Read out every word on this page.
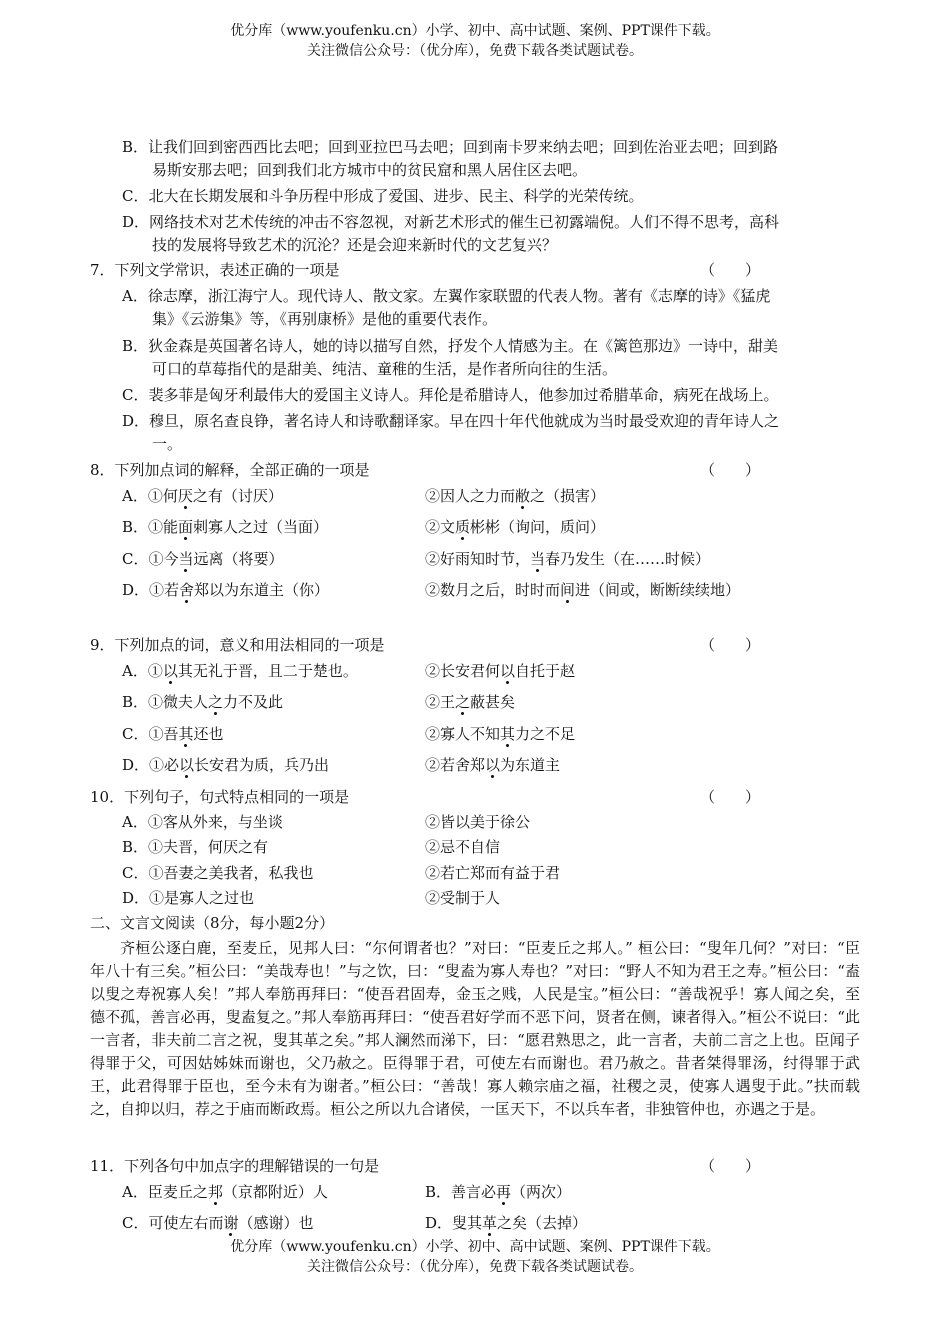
优分库（www.youfenku.cn）小学、初中、高中试题、案例、PPT课件下载。
关注微信公众号：（优分库），免费下载各类试题试卷。
B．让我们回到密西西比去吧；回到亚拉巴马去吧；回到南卡罗来纳去吧；回到佐治亚去吧；回到路
易斯安那去吧；回到我们北方城市中的贫民窟和黑人居住区去吧。
C．北大在长期发展和斗争历程中形成了爱国、进步、民主、科学的光荣传统。
D．网络技术对艺术传统的冲击不容忽视，对新艺术形式的催生已初露端倪。人们不得不思考，高科
技的发展将导致艺术的沉沦？还是会迎来新时代的文艺复兴？
7．下列文学常识，表述正确的一项是	（　　）
A．徐志摩，浙江海宁人。现代诗人、散文家。左翼作家联盟的代表人物。著有《志摩的诗》《猛虎
集》《云游集》等，《再别康桥》是他的重要代表作。
B．狄金森是英国著名诗人，她的诗以描写自然，抒发个人情感为主。在《篱笆那边》一诗中，甜美
可口的草莓指代的是甜美、纯洁、童稚的生活，是作者所向往的生活。
C．裴多菲是匈牙利最伟大的爱国主义诗人。拜伦是希腊诗人，他参加过希腊革命，病死在战场上。
D．穆旦，原名查良铮，著名诗人和诗歌翻译家。早在四十年代他就成为当时最受欢迎的青年诗人之
一。
8．下列加点词的解释，全部正确的一项是	（　　）
A．①何厌之有（讨厌）	②因人之力而敝之（损害）
B．①能面刺寡人之过（当面）	②文质彬彬（询问，质问）
C．①今当远离（将要）	②好雨知时节，当春乃发生（在……时候）
D．①若舍郑以为东道主（你）	②数月之后，时时而间进（间或，断断续续地）
9．下列加点的词，意义和用法相同的一项是	（　　）
A．①以其无礼于晋，且二于楚也。	②长安君何以自托于赵
B．①微夫人之力不及此	②王之蔽甚矣
C．①吾其还也	②寡人不知其力之不足
D．①必以长安君为质，兵乃出	②若舍郑以为东道主
10．下列句子，句式特点相同的一项是	（　　）
A．①客从外来，与坐谈	②皆以美于徐公
B．①夫晋，何厌之有	②忌不自信
C．①吾妻之美我者，私我也	②若亡郑而有益于君
D．①是寡人之过也	②受制于人
二、文言文阅读（8分，每小题2分）
齐桓公逐白鹿，至麦丘，见邦人曰：“尔何谓者也？”对曰：“臣麦丘之邦人。” 桓公曰：“叟年几何？”对曰：“臣年八十有三矣。”桓公曰：“美哉寿也！”与之饮，曰：“叟盍为寡人寿也？”对曰：“野人不知为君王之寿。”桓公曰：“盍以叟之寿祝寡人矣！”邦人奉筋再拜曰：“使吾君固寿，金玉之贱，人民是宝。”桓公曰：“善哉祝乎！寡人闻之矣，至德不孤，善言必再，叟盍复之。”邦人奉筋再拜曰：“使吾君好学而不恶下问，贤者在侧，谏者得入。”桓公不说曰：“此一言者，非夫前二言之祝，叟其革之矣。”邦人澜然而涕下，曰：“愿君熟思之，此一言者，夫前二言之上也。臣闻子得罪于父，可因姑姊妹而谢也，父乃赦之。臣得罪于君，可使左右而谢也。君乃赦之。昔者桀得罪汤，纣得罪于武王，此君得罪于臣也，至今未有为谢者。”桓公曰：“善哉！寡人赖宗庙之福，社稷之灵，使寡人遇叟于此。”扶而载之，自抑以归，荐之于庙而断政焉。桓公之所以九合诸侯，一匡天下，不以兵车者，非独管仲也，亦遇之于是。
11．下列各句中加点字的理解错误的一句是	（　　）
A．臣麦丘之邦（京都附近）人	B．善言必再（两次）
C．可使左右而谢（感谢）也	D．叟其革之矣（去掉）
优分库（www.youfenku.cn）小学、初中、高中试题、案例、PPT课件下载。
关注微信公众号：（优分库），免费下载各类试题试卷。
